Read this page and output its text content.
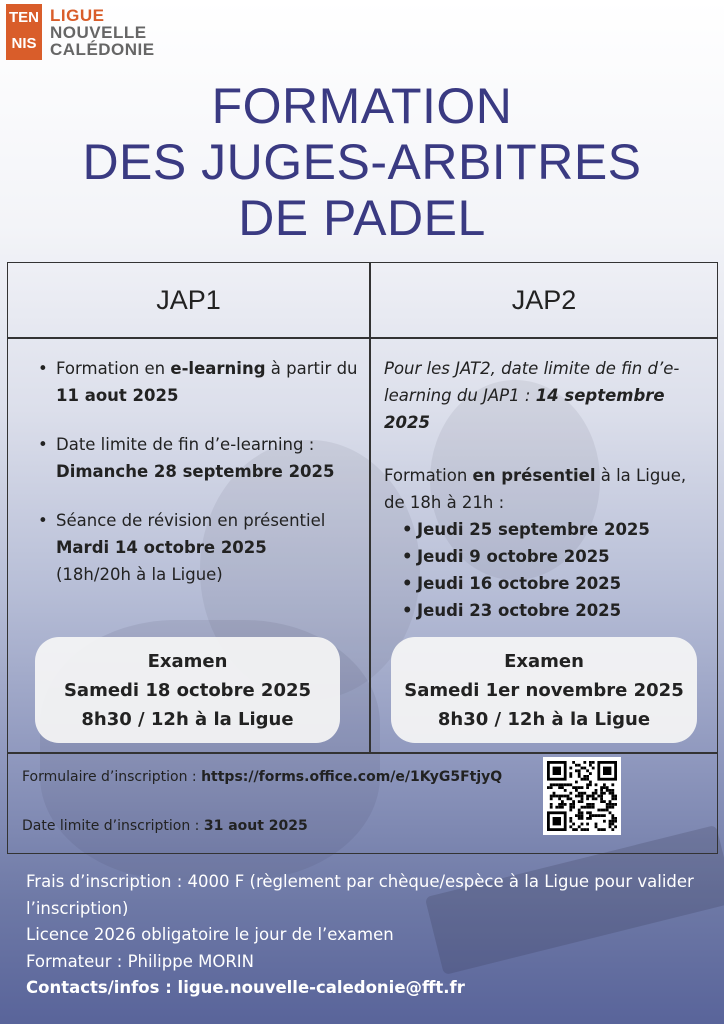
TEN
NIS
LIGUE
NOUVELLE
CALÉDONIE
FORMATION
DES JUGES-ARBITRES
DE PADEL
JAP1	JAP2
• Formation en e-learning à partir du 11 aout 2025
• Date limite de fin d’e-learning : Dimanche 28 septembre 2025
• Séance de révision en présentiel Mardi 14 octobre 2025
(18h/20h à la Ligue)
Pour les JAT2, date limite de fin d’e-learning du JAP1 : 14 septembre 2025
Formation en présentiel à la Ligue, de 18h à 21h :
• Jeudi 25 septembre 2025
• Jeudi 9 octobre 2025
• Jeudi 16 octobre 2025
• Jeudi 23 octobre 2025
Examen
Samedi 18 octobre 2025
8h30 / 12h à la Ligue
Examen
Samedi 1er novembre 2025
8h30 / 12h à la Ligue
Formulaire d’inscription : https://forms.office.com/e/1KyG5FtjyQ
Date limite d’inscription : 31 aout 2025
Frais d’inscription : 4000 F (règlement par chèque/espèce à la Ligue pour valider l’inscription)
Licence 2026 obligatoire le jour de l’examen
Formateur : Philippe MORIN
Contacts/infos : ligue.nouvelle-caledonie@fft.fr
